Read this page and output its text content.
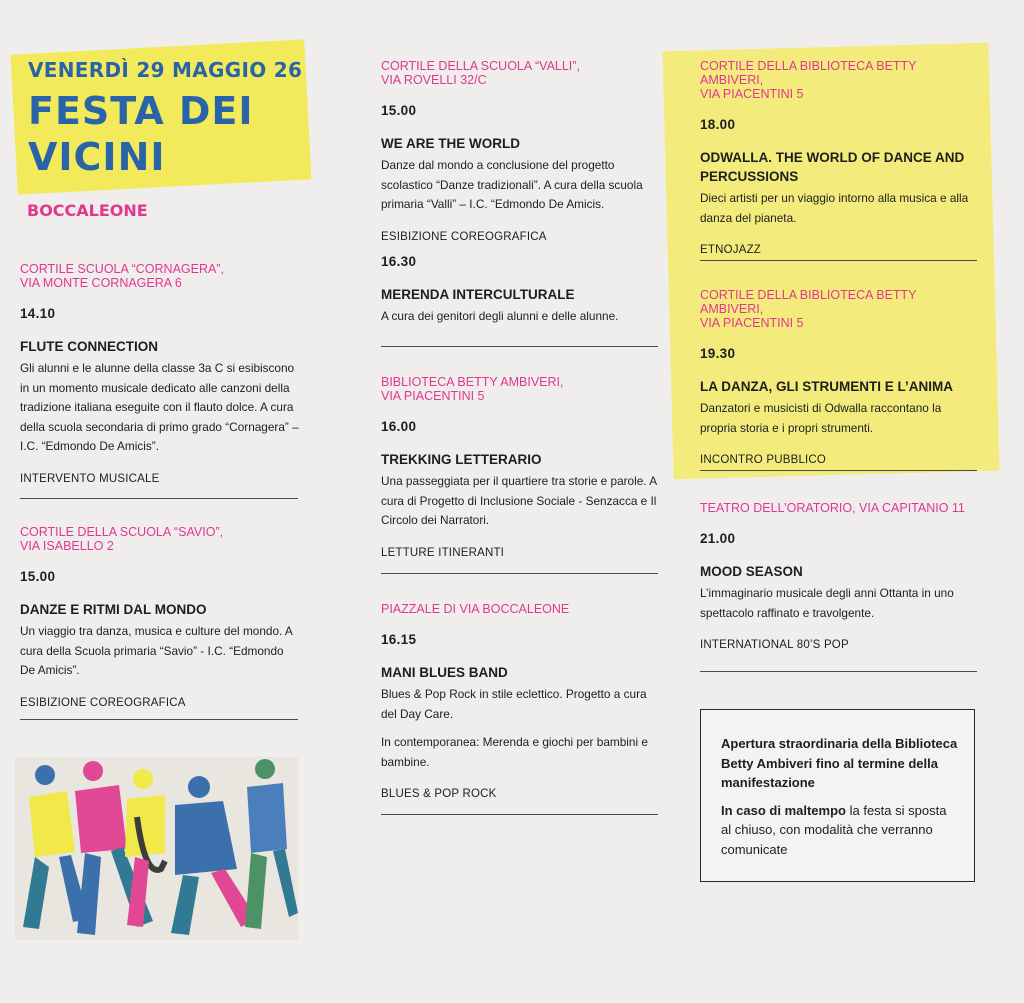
VENERDÌ 29 MAGGIO 26
FESTA DEI VICINI
BOCCALEONE
CORTILE SCUOLA “CORNAGERA”,
VIA MONTE CORNAGERA 6
14.10
FLUTE CONNECTION
Gli alunni e le alunne della classe 3a C si esibiscono in un momento musicale dedicato alle canzoni della tradizione italiana eseguite con il flauto dolce. A cura della scuola secondaria di primo grado “Cornagera” – I.C. “Edmondo De Amicis”.
INTERVENTO MUSICALE
CORTILE DELLA SCUOLA “SAVIO”,
VIA ISABELLO 2
15.00
DANZE E RITMI DAL MONDO
Un viaggio tra danza, musica e culture del mondo. A cura della Scuola primaria “Savio” - I.C. “Edmondo De Amicis”.
ESIBIZIONE COREOGRAFICA
CORTILE DELLA SCUOLA “VALLI”,
VIA ROVELLI 32/C
15.00
WE ARE THE WORLD
Danze dal mondo a conclusione del progetto scolastico “Danze tradizionali”. A cura della scuola primaria “Valli” – I.C. “Edmondo De Amicis.
ESIBIZIONE COREOGRAFICA
16.30
MERENDA INTERCULTURALE
A cura dei genitori degli alunni e delle alunne.
BIBLIOTECA BETTY AMBIVERI,
VIA PIACENTINI 5
16.00
TREKKING LETTERARIO
Una passeggiata per il quartiere tra storie e parole. A cura di Progetto di Inclusione Sociale - Senzacca e Il Circolo dei Narratori.
LETTURE ITINERANTI
PIAZZALE DI VIA BOCCALEONE
16.15
MANI BLUES BAND
Blues & Pop Rock in stile eclettico. Progetto a cura del Day Care.
In contemporanea: Merenda e giochi per bambini e bambine.
BLUES & POP ROCK
CORTILE DELLA BIBLIOTECA BETTY AMBIVERI,
VIA PIACENTINI 5
18.00
ODWALLA. THE WORLD OF DANCE AND PERCUSSIONS
Dieci artisti per un viaggio intorno alla musica e alla danza del pianeta.
ETNOJAZZ
CORTILE DELLA BIBLIOTECA BETTY AMBIVERI,
VIA PIACENTINI 5
19.30
LA DANZA, GLI STRUMENTI E L’ANIMA
Danzatori e musicisti di Odwalla raccontano la propria storia e i propri strumenti.
INCONTRO PUBBLICO
TEATRO DELL’ORATORIO, VIA CAPITANIO 11
21.00
MOOD SEASON
L’immaginario musicale degli anni Ottanta in uno spettacolo raffinato e travolgente.
INTERNATIONAL 80’S POP
Apertura straordinaria della Biblioteca Betty Ambiveri fino al termine della manifestazione
In caso di maltempo la festa si sposta al chiuso, con modalità che verranno comunicate
